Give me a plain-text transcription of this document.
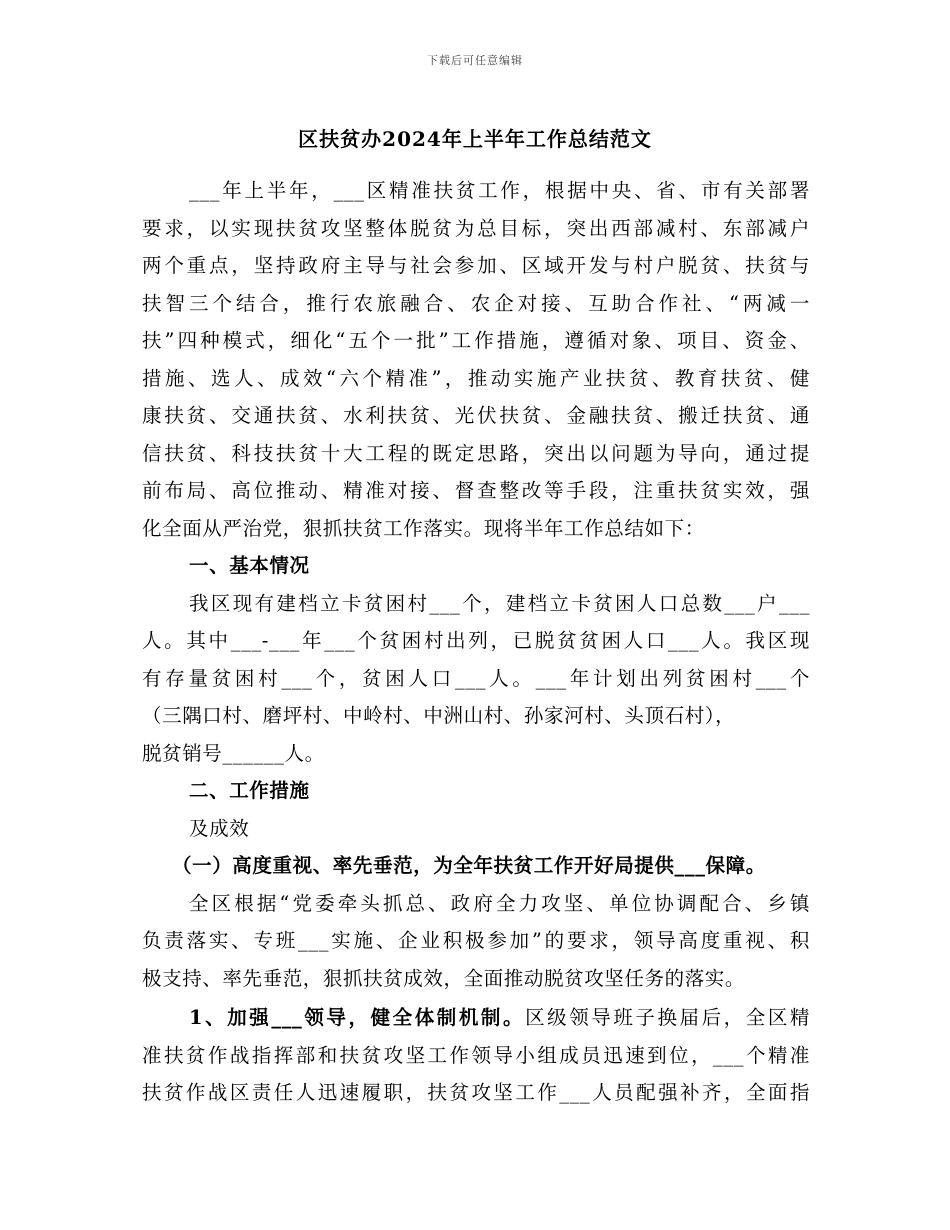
下载后可任意编辑
区扶贫办2024年上半年工作总结范文
___年上半年，___区精准扶贫工作，根据中央、省、市有关部署
要求，以实现扶贫攻坚整体脱贫为总目标，突出西部减村、东部减户
两个重点，坚持政府主导与社会参加、区域开发与村户脱贫、扶贫与
扶智三个结合，推行农旅融合、农企对接、互助合作社、“两减一
扶”四种模式，细化“五个一批”工作措施，遵循对象、项目、资金、
措施、选人、成效“六个精准”，推动实施产业扶贫、教育扶贫、健
康扶贫、交通扶贫、水利扶贫、光伏扶贫、金融扶贫、搬迁扶贫、通
信扶贫、科技扶贫十大工程的既定思路，突出以问题为导向，通过提
前布局、高位推动、精准对接、督查整改等手段，注重扶贫实效，强
化全面从严治党，狠抓扶贫工作落实。现将半年工作总结如下：
一、基本情况
我区现有建档立卡贫困村___个，建档立卡贫困人口总数___户___
人。其中___-___年___个贫困村出列，已脱贫贫困人口___人。我区现
有存量贫困村___个，贫困人口___人。___年计划出列贫困村___个
（三隅口村、磨坪村、中岭村、中洲山村、孙家河村、头顶石村），
脱贫销号______人。
二、工作措施
及成效
（一）高度重视、率先垂范，为全年扶贫工作开好局提供___保障。
全区根据“党委牵头抓总、政府全力攻坚、单位协调配合、乡镇
负责落实、专班___实施、企业积极参加”的要求，领导高度重视、积
极支持、率先垂范，狠抓扶贫成效，全面推动脱贫攻坚任务的落实。
1、加强___领导，健全体制机制。区级领导班子换届后，全区精
准扶贫作战指挥部和扶贫攻坚工作领导小组成员迅速到位，___个精准
扶贫作战区责任人迅速履职，扶贫攻坚工作___人员配强补齐，全面指
